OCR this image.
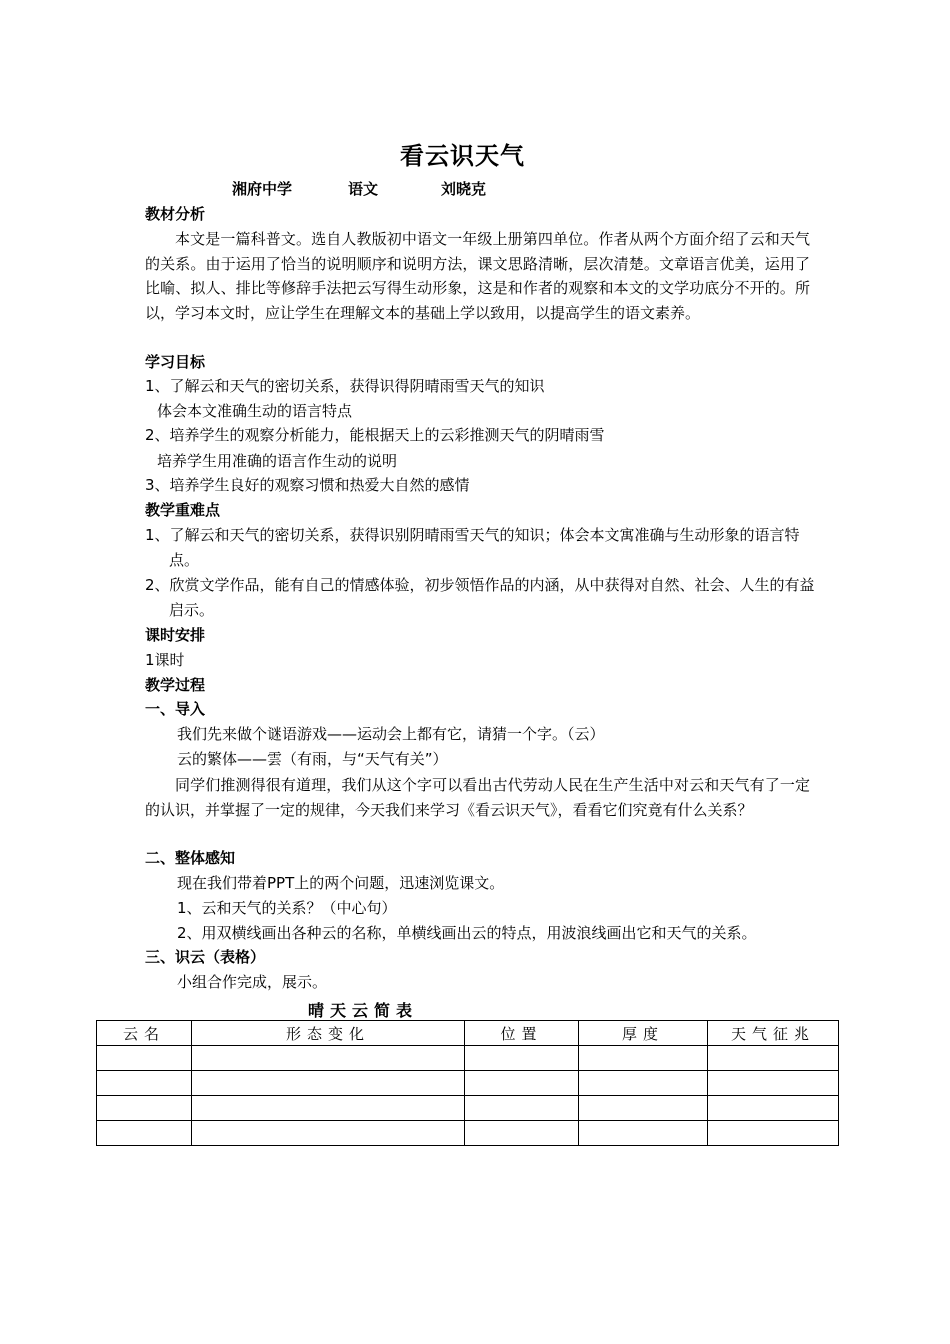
看云识天气
湘府中学	语文	刘晓克
教材分析
本文是一篇科普文。选自人教版初中语文一年级上册第四单位。作者从两个方面介绍了云和天气的关系。由于运用了恰当的说明顺序和说明方法，课文思路清晰，层次清楚。文章语言优美，运用了比喻、拟人、排比等修辞手法把云写得生动形象，这是和作者的观察和本文的文学功底分不开的。所以，学习本文时，应让学生在理解文本的基础上学以致用，以提高学生的语文素养。
学习目标
1、了解云和天气的密切关系，获得识得阴晴雨雪天气的知识
体会本文准确生动的语言特点
2、培养学生的观察分析能力，能根据天上的云彩推测天气的阴晴雨雪
培养学生用准确的语言作生动的说明
3、培养学生良好的观察习惯和热爱大自然的感情
教学重难点
1、了解云和天气的密切关系，获得识别阴晴雨雪天气的知识；体会本文寓准确与生动形象的语言特点。
2、欣赏文学作品，能有自己的情感体验，初步领悟作品的内涵，从中获得对自然、社会、人生的有益启示。
课时安排
1课时
教学过程
一、导入
我们先来做个谜语游戏——运动会上都有它，请猜一个字。（云）
云的繁体——雲（有雨，与“天气有关”）
同学们推测得很有道理，我们从这个字可以看出古代劳动人民在生产生活中对云和天气有了一定的认识，并掌握了一定的规律，今天我们来学习《看云识天气》，看看它们究竟有什么关系？
二、整体感知
现在我们带着PPT上的两个问题，迅速浏览课文。
1、云和天气的关系？（中心句）
2、用双横线画出各种云的名称，单横线画出云的特点，用波浪线画出它和天气的关系。
三、识云（表格）
小组合作完成，展示。
晴天云简表
云名	形态变化	位置	厚度	天气征兆
